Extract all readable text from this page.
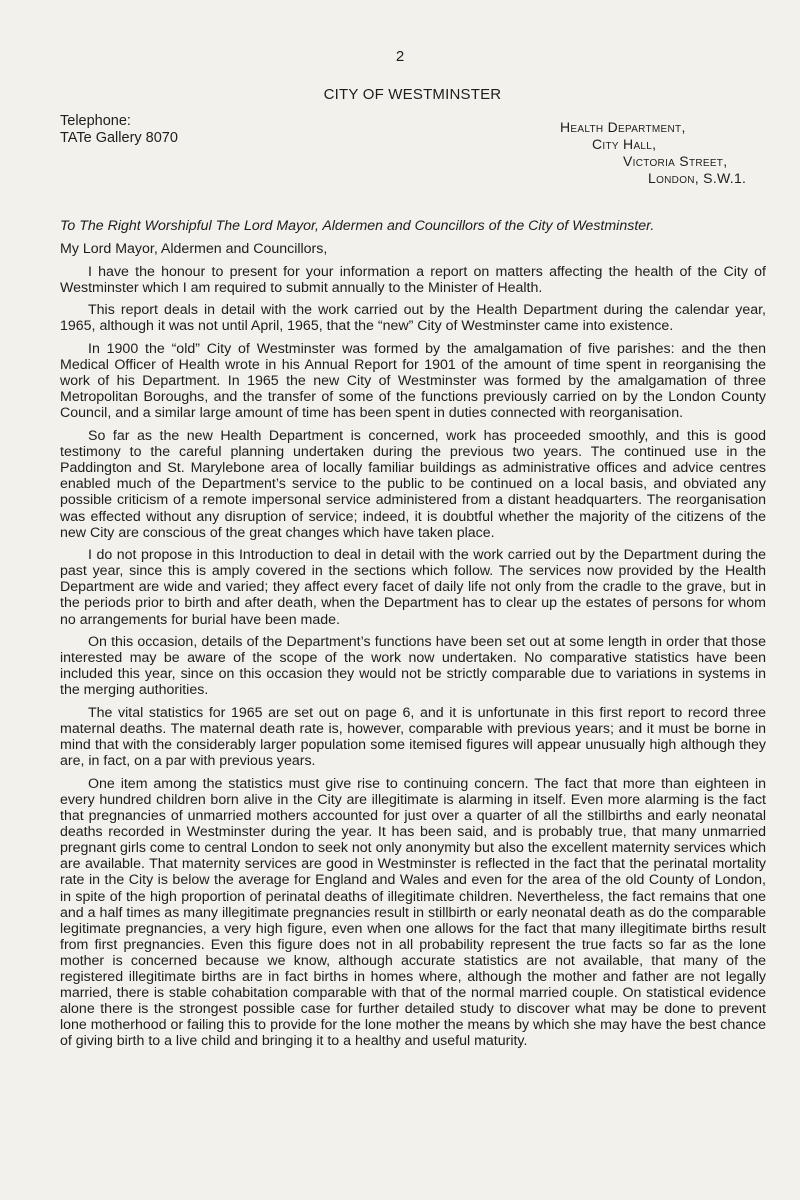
2
CITY OF WESTMINSTER
Telephone:
TATe Gallery 8070
Health Department,
City Hall,
Victoria Street,
London, S.W.1.
To The Right Worshipful The Lord Mayor, Aldermen and Councillors of the City of Westminster.

My Lord Mayor, Aldermen and Councillors,

I have the honour to present for your information a report on matters affecting the health of the City of Westminster which I am required to submit annually to the Minister of Health.

This report deals in detail with the work carried out by the Health Department during the calendar year, 1965, although it was not until April, 1965, that the “new” City of Westminster came into existence.

In 1900 the “old” City of Westminster was formed by the amalgamation of five parishes: and the then Medical Officer of Health wrote in his Annual Report for 1901 of the amount of time spent in reorganising the work of his Department. In 1965 the new City of Westminster was formed by the amalgamation of three Metropolitan Boroughs, and the transfer of some of the functions previously carried on by the London County Council, and a similar large amount of time has been spent in duties connected with reorganisation.

So far as the new Health Department is concerned, work has proceeded smoothly, and this is good testimony to the careful planning undertaken during the previous two years. The continued use in the Paddington and St. Marylebone area of locally familiar buildings as administrative offices and advice centres enabled much of the Department’s service to the public to be continued on a local basis, and obviated any possible criticism of a remote impersonal service administered from a distant headquarters. The reorganisation was effected without any disruption of service; indeed, it is doubtful whether the majority of the citizens of the new City are conscious of the great changes which have taken place.

I do not propose in this Introduction to deal in detail with the work carried out by the Department during the past year, since this is amply covered in the sections which follow. The services now provided by the Health Department are wide and varied; they affect every facet of daily life not only from the cradle to the grave, but in the periods prior to birth and after death, when the Department has to clear up the estates of persons for whom no arrangements for burial have been made.

On this occasion, details of the Department’s functions have been set out at some length in order that those interested may be aware of the scope of the work now undertaken. No comparative statistics have been included this year, since on this occasion they would not be strictly comparable due to variations in systems in the merging authorities.

The vital statistics for 1965 are set out on page 6, and it is unfortunate in this first report to record three maternal deaths. The maternal death rate is, however, comparable with previous years; and it must be borne in mind that with the considerably larger population some itemised figures will appear unusually high although they are, in fact, on a par with previous years.

One item among the statistics must give rise to continuing concern. The fact that more than eighteen in every hundred children born alive in the City are illegitimate is alarming in itself. Even more alarming is the fact that pregnancies of unmarried mothers accounted for just over a quarter of all the stillbirths and early neonatal deaths recorded in Westminster during the year. It has been said, and is probably true, that many unmarried pregnant girls come to central London to seek not only anonymity but also the excellent maternity services which are available. That maternity services are good in Westminster is reflected in the fact that the perinatal mortality rate in the City is below the average for England and Wales and even for the area of the old County of London, in spite of the high proportion of perinatal deaths of illegitimate children. Nevertheless, the fact remains that one and a half times as many illegitimate pregnancies result in stillbirth or early neonatal death as do the comparable legitimate pregnancies, a very high figure, even when one allows for the fact that many illegitimate births result from first pregnancies. Even this figure does not in all probability represent the true facts so far as the lone mother is concerned because we know, although accurate statistics are not available, that many of the registered illegitimate births are in fact births in homes where, although the mother and father are not legally married, there is stable cohabitation comparable with that of the normal married couple. On statistical evidence alone there is the strongest possible case for further detailed study to discover what may be done to prevent lone motherhood or failing this to provide for the lone mother the means by which she may have the best chance of giving birth to a live child and bringing it to a healthy and useful maturity.
